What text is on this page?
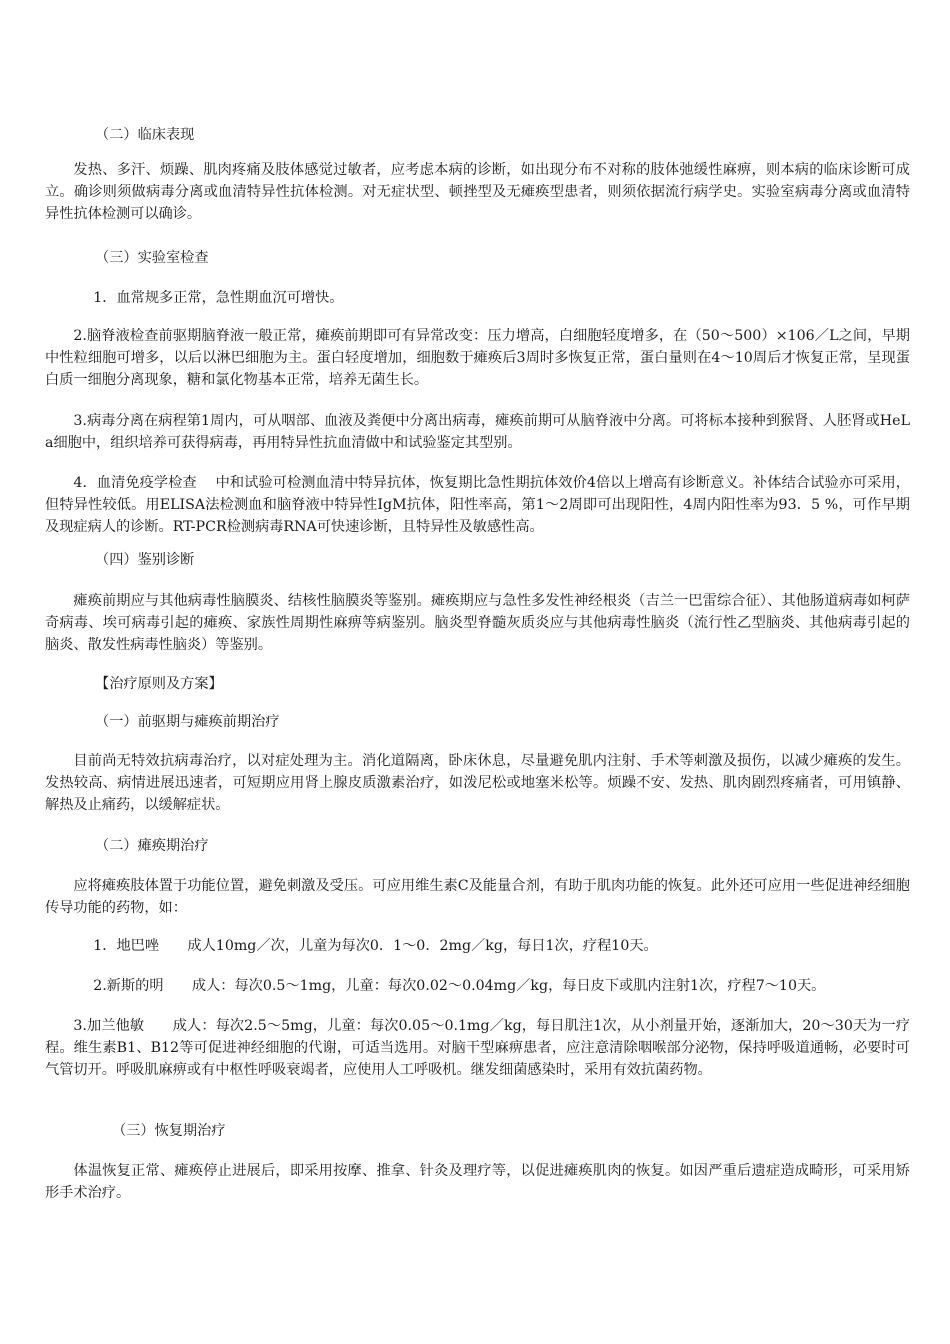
（二）临床表现

发热、多汗、烦躁、肌肉疼痛及肢体感觉过敏者，应考虑本病的诊断，如出现分布不对称的肢体弛缓性麻痹，则本病的临床诊断可成立。确诊则须做病毒分离或血清特异性抗体检测。对无症状型、顿挫型及无瘫痪型患者，则须依据流行病学史。实验室病毒分离或血清特异性抗体检测可以确诊。

（三）实验室检查

1．血常规多正常，急性期血沉可增快。

2.脑脊液检查前驱期脑脊液一般正常，瘫痪前期即可有异常改变：压力增高，白细胞轻度增多，在（50～500）×106／L之间，早期中性粒细胞可增多，以后以淋巴细胞为主。蛋白轻度增加，细胞数于瘫痪后3周时多恢复正常，蛋白量则在4～10周后才恢复正常，呈现蛋白质一细胞分离现象，糖和氯化物基本正常，培养无菌生长。

3.病毒分离在病程第1周内，可从咽部、血液及粪便中分离出病毒，瘫痪前期可从脑脊液中分离。可将标本接种到猴肾、人胚肾或HeLa细胞中，组织培养可获得病毒，再用特异性抗血清做中和试验鉴定其型别。

4．血清免疫学检查　 中和试验可检测血清中特异抗体，恢复期比急性期抗体效价4倍以上增高有诊断意义。补体结合试验亦可采用，但特异性较低。用ELISA法检测血和脑脊液中特异性IgM抗体，阳性率高，第1～2周即可出现阳性，4周内阳性率为93．5 %，可作早期及现症病人的诊断。RT-PCR检测病毒RNA可快速诊断，且特异性及敏感性高。

（四）鉴别诊断

瘫痪前期应与其他病毒性脑膜炎、结核性脑膜炎等鉴别。瘫痪期应与急性多发性神经根炎（吉兰一巴雷综合征）、其他肠道病毒如柯萨奇病毒、埃可病毒引起的瘫痪、家族性周期性麻痹等病鉴别。脑炎型脊髓灰质炎应与其他病毒性脑炎（流行性乙型脑炎、其他病毒引起的脑炎、散发性病毒性脑炎）等鉴别。

【治疗原则及方案】

（一）前驱期与瘫痪前期治疗

目前尚无特效抗病毒治疗，以对症处理为主。消化道隔离，卧床休息，尽量避免肌内注射、手术等刺激及损伤，以减少瘫痪的发生。发热较高、病情进展迅速者，可短期应用肾上腺皮质激素治疗，如泼尼松或地塞米松等。烦躁不安、发热、肌肉剧烈疼痛者，可用镇静、解热及止痛药，以缓解症状。

（二）瘫痪期治疗

应将瘫痪肢体置于功能位置，避免刺激及受压。可应用维生素C及能量合剂，有助于肌肉功能的恢复。此外还可应用一些促进神经细胞传导功能的药物，如：

1．地巴唑　　成人10mg／次，儿童为每次0．1～0．2mg／kg，每日1次，疗程10天。

2.新斯的明　　成人：每次0.5～1mg，儿童：每次0.02～0.04mg／kg，每日皮下或肌内注射1次，疗程7～10天。

3.加兰他敏　　成人：每次2.5～5mg，儿童：每次0.05～0.1mg／kg，每日肌注1次，从小剂量开始，逐渐加大，20～30天为一疗程。维生素B1、B12等可促进神经细胞的代谢，可适当选用。对脑干型麻痹患者，应注意清除咽喉部分泌物，保持呼吸道通畅，必要时可气管切开。呼吸肌麻痹或有中枢性呼吸衰竭者，应使用人工呼吸机。继发细菌感染时，采用有效抗菌药物。

（三）恢复期治疗

体温恢复正常、瘫痪停止进展后，即采用按摩、推拿、针灸及理疗等，以促进瘫痪肌肉的恢复。如因严重后遗症造成畸形，可采用矫形手术治疗。
